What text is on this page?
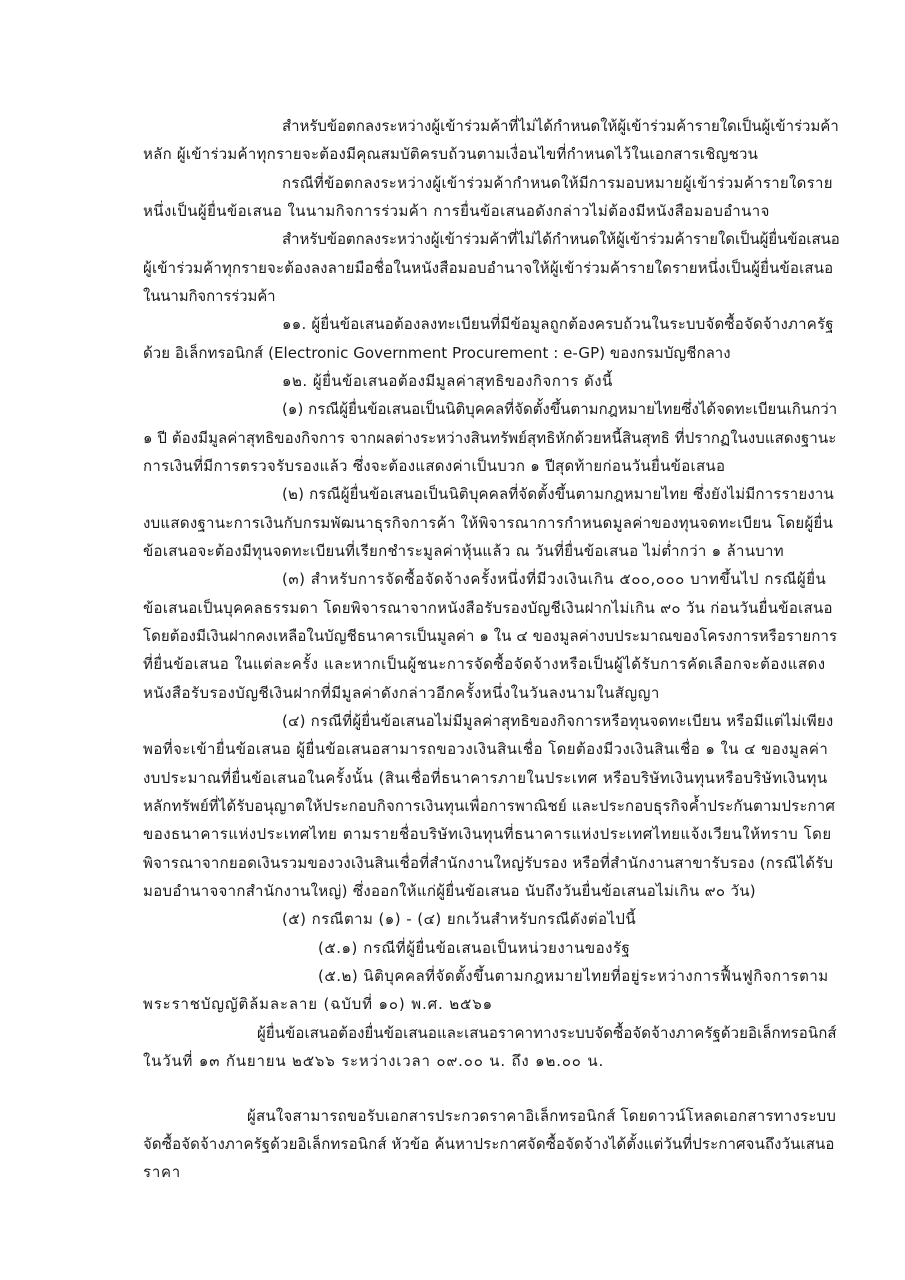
สำหรับข้อตกลงระหว่างผู้เข้าร่วมค้าที่ไม่ได้กำหนดให้ผู้เข้าร่วมค้ารายใดเป็นผู้เข้าร่วมค้า
หลัก ผู้เข้าร่วมค้าทุกรายจะต้องมีคุณสมบัติครบถ้วนตามเงื่อนไขที่กำหนดไว้ในเอกสารเชิญชวน
กรณีที่ข้อตกลงระหว่างผู้เข้าร่วมค้ากำหนดให้มีการมอบหมายผู้เข้าร่วมค้ารายใดราย
หนึ่งเป็นผู้ยื่นข้อเสนอ ในนามกิจการร่วมค้า การยื่นข้อเสนอดังกล่าวไม่ต้องมีหนังสือมอบอำนาจ
สำหรับข้อตกลงระหว่างผู้เข้าร่วมค้าที่ไม่ได้กำหนดให้ผู้เข้าร่วมค้ารายใดเป็นผู้ยื่นข้อเสนอ
ผู้เข้าร่วมค้าทุกรายจะต้องลงลายมือชื่อในหนังสือมอบอำนาจให้ผู้เข้าร่วมค้ารายใดรายหนึ่งเป็นผู้ยื่นข้อเสนอ
ในนามกิจการร่วมค้า
๑๑. ผู้ยื่นข้อเสนอต้องลงทะเบียนที่มีข้อมูลถูกต้องครบถ้วนในระบบจัดซื้อจัดจ้างภาครัฐ
ด้วย อิเล็กทรอนิกส์ (Electronic Government Procurement : e-GP) ของกรมบัญชีกลาง
๑๒. ผู้ยื่นข้อเสนอต้องมีมูลค่าสุทธิของกิจการ ดังนี้
(๑) กรณีผู้ยื่นข้อเสนอเป็นนิติบุคคลที่จัดตั้งขึ้นตามกฎหมายไทยซึ่งได้จดทะเบียนเกินกว่า
๑ ปี ต้องมีมูลค่าสุทธิของกิจการ จากผลต่างระหว่างสินทรัพย์สุทธิหักด้วยหนี้สินสุทธิ ที่ปรากฏในงบแสดงฐานะ
การเงินที่มีการตรวจรับรองแล้ว ซึ่งจะต้องแสดงค่าเป็นบวก ๑ ปีสุดท้ายก่อนวันยื่นข้อเสนอ
(๒) กรณีผู้ยื่นข้อเสนอเป็นนิติบุคคลที่จัดตั้งขึ้นตามกฎหมายไทย ซึ่งยังไม่มีการรายงาน
งบแสดงฐานะการเงินกับกรมพัฒนาธุรกิจการค้า ให้พิจารณาการกำหนดมูลค่าของทุนจดทะเบียน โดยผู้ยื่น
ข้อเสนอจะต้องมีทุนจดทะเบียนที่เรียกชำระมูลค่าหุ้นแล้ว ณ วันที่ยื่นข้อเสนอ ไม่ต่ำกว่า ๑ ล้านบาท
(๓) สำหรับการจัดซื้อจัดจ้างครั้งหนึ่งที่มีวงเงินเกิน ๕๐๐,๐๐๐ บาทขึ้นไป กรณีผู้ยื่น
ข้อเสนอเป็นบุคคลธรรมดา โดยพิจารณาจากหนังสือรับรองบัญชีเงินฝากไม่เกิน ๙๐ วัน ก่อนวันยื่นข้อเสนอ
โดยต้องมีเงินฝากคงเหลือในบัญชีธนาคารเป็นมูลค่า ๑ ใน ๔ ของมูลค่างบประมาณของโครงการหรือรายการ
ที่ยื่นข้อเสนอ ในแต่ละครั้ง และหากเป็นผู้ชนะการจัดซื้อจัดจ้างหรือเป็นผู้ได้รับการคัดเลือกจะต้องแสดง
หนังสือรับรองบัญชีเงินฝากที่มีมูลค่าดังกล่าวอีกครั้งหนึ่งในวันลงนามในสัญญา
(๔) กรณีที่ผู้ยื่นข้อเสนอไม่มีมูลค่าสุทธิของกิจการหรือทุนจดทะเบียน หรือมีแต่ไม่เพียง
พอที่จะเข้ายื่นข้อเสนอ ผู้ยื่นข้อเสนอสามารถขอวงเงินสินเชื่อ โดยต้องมีวงเงินสินเชื่อ ๑ ใน ๔ ของมูลค่า
งบประมาณที่ยื่นข้อเสนอในครั้งนั้น (สินเชื่อที่ธนาคารภายในประเทศ หรือบริษัทเงินทุนหรือบริษัทเงินทุน
หลักทรัพย์ที่ได้รับอนุญาตให้ประกอบกิจการเงินทุนเพื่อการพาณิชย์ และประกอบธุรกิจค้ำประกันตามประกาศ
ของธนาคารแห่งประเทศไทย ตามรายชื่อบริษัทเงินทุนที่ธนาคารแห่งประเทศไทยแจ้งเวียนให้ทราบ โดย
พิจารณาจากยอดเงินรวมของวงเงินสินเชื่อที่สำนักงานใหญ่รับรอง หรือที่สำนักงานสาขารับรอง (กรณีได้รับ
มอบอำนาจจากสำนักงานใหญ่) ซึ่งออกให้แก่ผู้ยื่นข้อเสนอ นับถึงวันยื่นข้อเสนอไม่เกิน ๙๐ วัน)
(๕) กรณีตาม (๑) - (๔) ยกเว้นสำหรับกรณีดังต่อไปนี้
(๕.๑) กรณีที่ผู้ยื่นข้อเสนอเป็นหน่วยงานของรัฐ
(๕.๒) นิติบุคคลที่จัดตั้งขึ้นตามกฎหมายไทยที่อยู่ระหว่างการฟื้นฟูกิจการตาม
พระราชบัญญัติล้มละลาย (ฉบับที่ ๑๐) พ.ศ. ๒๕๖๑
ผู้ยื่นข้อเสนอต้องยื่นข้อเสนอและเสนอราคาทางระบบจัดซื้อจัดจ้างภาครัฐด้วยอิเล็กทรอนิกส์
ในวันที่ ๑๓ กันยายน ๒๕๖๖ ระหว่างเวลา ๐๙.๐๐ น. ถึง ๑๒.๐๐ น.
ผู้สนใจสามารถขอรับเอกสารประกวดราคาอิเล็กทรอนิกส์ โดยดาวน์โหลดเอกสารทางระบบ
จัดซื้อจัดจ้างภาครัฐด้วยอิเล็กทรอนิกส์ หัวข้อ ค้นหาประกาศจัดซื้อจัดจ้างได้ตั้งแต่วันที่ประกาศจนถึงวันเสนอ
ราคา
